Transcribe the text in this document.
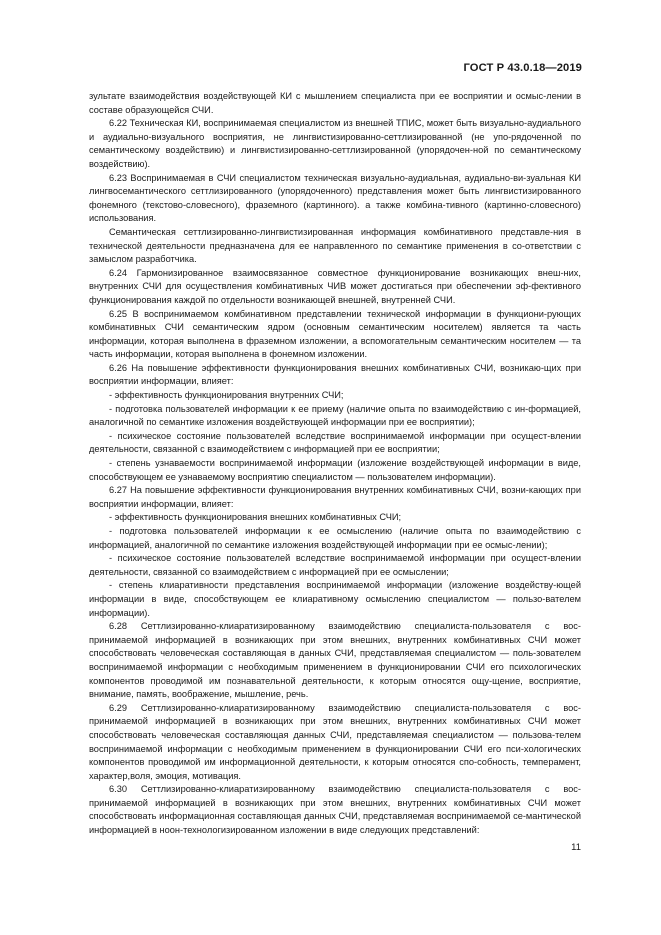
ГОСТ Р 43.0.18—2019

зультате взаимодействия воздействующей КИ с мышлением специалиста при ее восприятии и осмыс-лении в составе образующейся СЧИ.

6.22 Техническая КИ, воспринимаемая специалистом из внешней ТПИС, может быть визуально-аудиального и аудиально-визуального восприятия, не лингвистизированно-сеттлизированной (не упо-рядоченной по семантическому воздействию) и лингвистизированно-сеттлизированной (упорядочен-ной по семантическому воздействию).

6.23 Воспринимаемая в СЧИ специалистом техническая визуально-аудиальная, аудиально-ви-зуальная КИ лингвосемантического сеттлизированного (упорядоченного) представления может быть лингвистизированного фонемного (текстово-словесного), фраземного (картинного). а также комбина-тивного (картинно-словесного) использования.

Семантическая сеттлизированно-лингвистизированная информация комбинативного представле-ния в технической деятельности предназначена для ее направленного по семантике применения в со-ответствии с замыслом разработчика.

6.24 Гармонизированное взаимосвязанное совместное функционирование возникающих внеш-них, внутренних СЧИ для осуществления комбинативных ЧИВ может достигаться при обеспечении эф-фективного функционирования каждой по отдельности возникающей внешней, внутренней СЧИ.

6.25 В воспринимаемом комбинативном представлении технической информации в функциони-рующих комбинативных СЧИ семантическим ядром (основным семантическим носителем) является та часть информации, которая выполнена в фраземном изложении, а вспомогательным семантическим носителем — та часть информации, которая выполнена в фонемном изложении.

6.26 На повышение эффективности функционирования внешних комбинативных СЧИ, возникаю-щих при восприятии информации, влияет:

- эффективность функционирования внутренних СЧИ;

- подготовка пользователей информации к ее приему (наличие опыта по взаимодействию с ин-формацией, аналогичной по семантике изложения воздействующей информации при ее восприятии);

- психическое состояние пользователей вследствие воспринимаемой информации при осущест-влении деятельности, связанной с взаимодействием с информацией при ее восприятии;

- степень узнаваемости воспринимаемой информации (изложение воздействующей информации в виде, способствующем ее узнаваемому восприятию специалистом — пользователем информации).

6.27 На повышение эффективности функционирования внутренних комбинативных СЧИ, возни-кающих при восприятии информации, влияет:

- эффективность функционирования внешних комбинативных СЧИ;

- подготовка пользователей информации к ее осмыслению (наличие опыта по взаимодействию с информацией, аналогичной по семантике изложения воздействующей информации при ее осмыс-лении);

- психическое состояние пользователей вследствие воспринимаемой информации при осущест-влении деятельности, связанной со взаимодействием с информацией при ее осмыслении;

- степень клиаративности представления воспринимаемой информации (изложение воздейству-ющей информации в виде, способствующем ее клиаративному осмыслению специалистом — пользо-вателем информации).

6.28 Сеттлизированно-клиаратизированному взаимодействию специалиста-пользователя с вос-принимаемой информацией в возникающих при этом внешних, внутренних комбинативных СЧИ может способствовать человеческая составляющая в данных СЧИ, представляемая специалистом — поль-зователем воспринимаемой информации с необходимым применением в функционировании СЧИ его психологических компонентов проводимой им познавательной деятельности, к которым относятся ощу-щение, восприятие, внимание, память, воображение, мышление, речь.

6.29 Сеттлизированно-клиаратизированному взаимодействию специалиста-пользователя с вос-принимаемой информацией в возникающих при этом внешних, внутренних комбинативных СЧИ может способствовать человеческая составляющая данных СЧИ, представляемая специалистом — пользова-телем воспринимаемой информации с необходимым применением в функционировании СЧИ его пси-хологических компонентов проводимой им информационной деятельности, к которым относятся спо-собность, темперамент, характер,воля, эмоция, мотивация.

6.30 Сеттлизированно-клиаратизированному взаимодействию специалиста-пользователя с вос-принимаемой информацией в возникающих при этом внешних, внутренних комбинативных СЧИ может способствовать информационная составляющая данных СЧИ, представляемая воспринимаемой се-мантической информацией в ноон-технологизированном изложении в виде следующих представлений:

11
